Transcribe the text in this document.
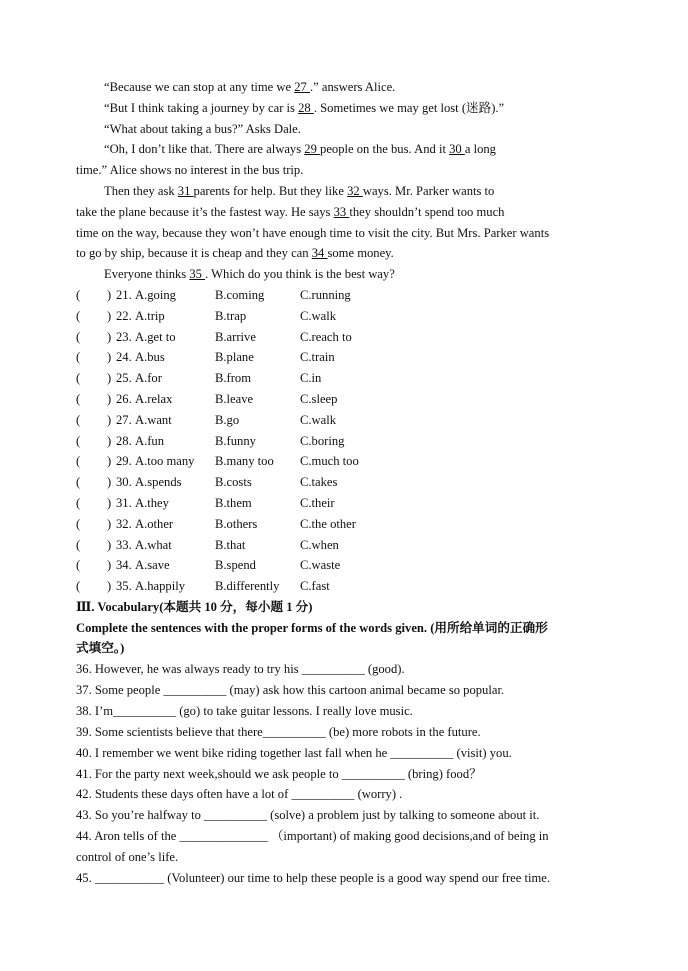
“Because we can stop at any time we 27 .” answers Alice.
“But I think taking a journey by car is 28 . Sometimes we may get lost (迷路).”
“What about taking a bus?” Asks Dale.
“Oh, I don’t like that. There are always 29 people on the bus. And it 30 a long
time.” Alice shows no interest in the bus trip.
Then they ask 31 parents for help. But they like 32 ways. Mr. Parker wants to
take the plane because it’s the fastest way. He says 33 they shouldn’t spend too much
time on the way, because they won’t have enough time to visit the city. But Mrs. Parker wants
to go by ship, because it is cheap and they can 34 some money.
Everyone thinks 35 . Which do you think is the best way?
( ) 21. A.going	B.coming	C.running
( ) 22. A.trip	B.trap	C.walk
( ) 23. A.get to	B.arrive	C.reach to
( ) 24. A.bus	B.plane	C.train
( ) 25. A.for	B.from	C.in
( ) 26. A.relax	B.leave	C.sleep
( ) 27. A.want	B.go	C.walk
( ) 28. A.fun	B.funny	C.boring
( ) 29. A.too many B.many too C.much too
( ) 30. A.spends	B.costs	C.takes
( ) 31. A.they	B.them	C.their
( ) 32. A.other	B.others	C.the other
( ) 33. A.what	B.that	C.when
( ) 34. A.save	B.spend	C.waste
( ) 35. A.happily B.differently C.fast
Ⅲ. Vocabulary(本题共 10 分，每小题 1 分)
Complete the sentences with the proper forms of the words given. (用所给单词的正确形
式填空。)
36. However, he was always ready to try his __________ (good).
37. Some people __________ (may) ask how this cartoon animal became so popular.
38. I’m__________ (go) to take guitar lessons. I really love music.
39. Some scientists believe that there__________ (be) more robots in the future.
40. I remember we went bike riding together last fall when he __________ (visit) you.
41. For the party next week,should we ask people to __________ (bring) food？
42. Students these days often have a lot of __________ (worry) .
43. So you’re halfway to __________ (solve) a problem just by talking to someone about it.
44. Aron tells of the ______________ （important) of making good decisions,and of being in
control of one’s life.
45. ___________ (Volunteer) our time to help these people is a good way spend our free time.
